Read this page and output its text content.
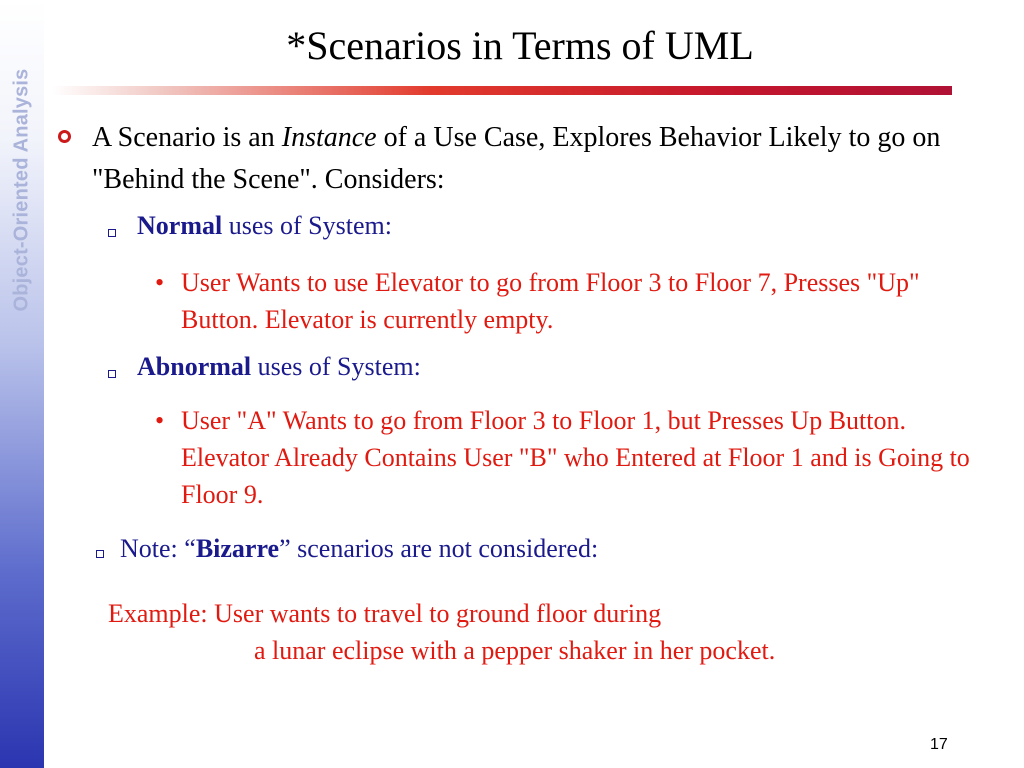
Object-Oriented Analysis
*Scenarios in Terms of UML
A Scenario is an Instance of a Use Case, Explores Behavior Likely to go on "Behind the Scene". Considers:
Normal uses of System:
• User Wants to use Elevator to go from Floor 3 to Floor 7, Presses "Up" Button. Elevator is currently empty.
Abnormal uses of System:
• User "A" Wants to go from Floor 3 to Floor 1, but Presses Up Button. Elevator Already Contains User "B" who Entered at Floor 1 and is Going to Floor 9.
Note: “Bizarre” scenarios are not considered:
Example: User wants to travel to ground floor during
a lunar eclipse with a pepper shaker in her pocket.
17
